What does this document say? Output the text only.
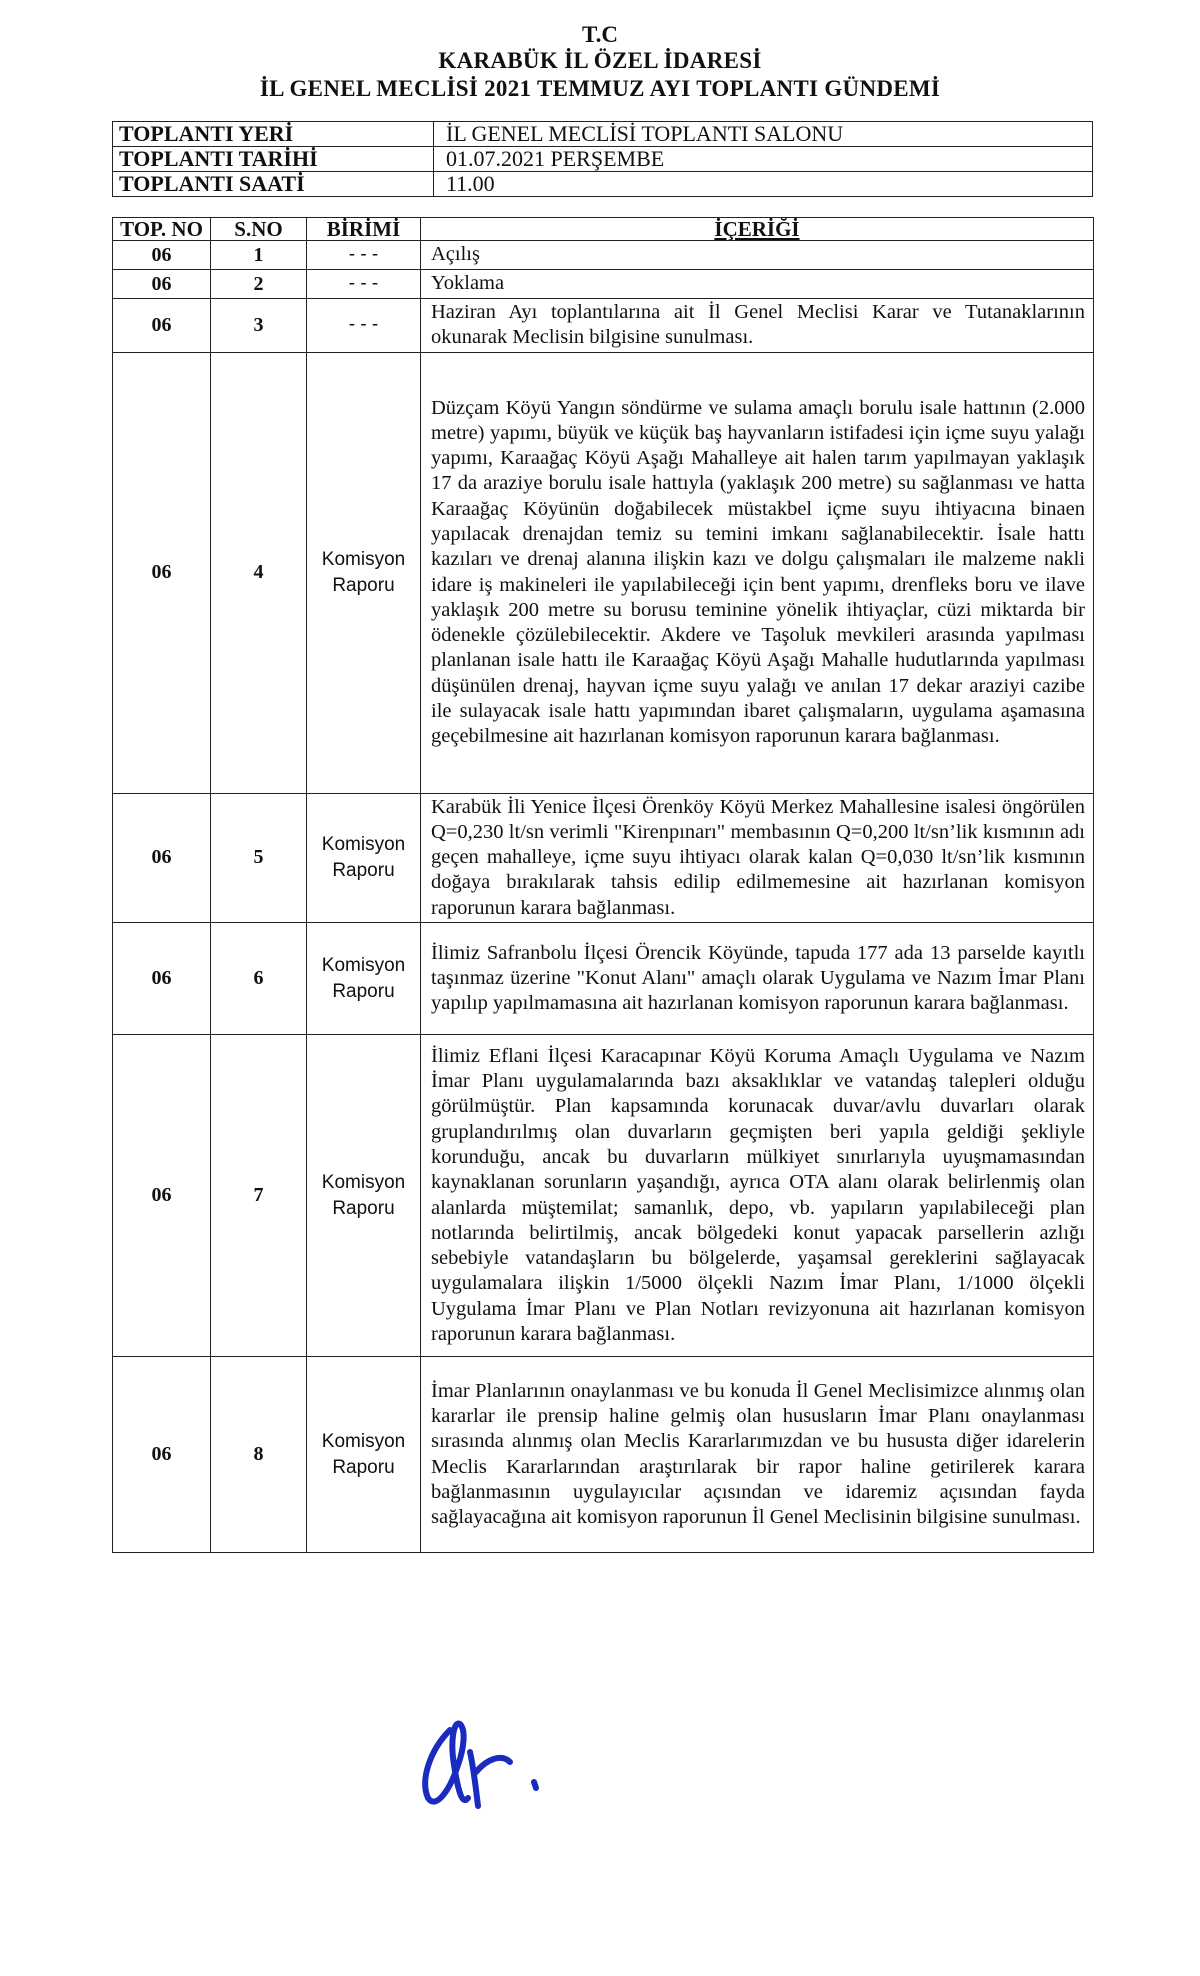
T.C
KARABÜK İL ÖZEL İDARESİ
İL GENEL MECLİSİ 2021 TEMMUZ AYI TOPLANTI GÜNDEMİ
TOPLANTI YERİ	İL GENEL MECLİSİ TOPLANTI SALONU
TOPLANTI TARİHİ	01.07.2021 PERŞEMBE
TOPLANTI SAATİ	11.00
TOP. NO	S.NO	BİRİMİ	İÇERİĞİ
06	1	- - -	Açılış
06	2	- - -	Yoklama
06	3	- - -	Haziran Ayı toplantılarına ait İl Genel Meclisi Karar ve Tutanaklarının okunarak Meclisin bilgisine sunulması.
06	4	Komisyon Raporu	Düzçam Köyü Yangın söndürme ve sulama amaçlı borulu isale hattının (2.000 metre) yapımı, büyük ve küçük baş hayvanların istifadesi için içme suyu yalağı yapımı, Karaağaç Köyü Aşağı Mahalleye ait halen tarım yapılmayan yaklaşık 17 da araziye borulu isale hattıyla (yaklaşık 200 metre) su sağlanması ve hatta Karaağaç Köyünün doğabilecek müstakbel içme suyu ihtiyacına binaen yapılacak drenajdan temiz su temini imkanı sağlanabilecektir. İsale hattı kazıları ve drenaj alanına ilişkin kazı ve dolgu çalışmaları ile malzeme nakli idare iş makineleri ile yapılabileceği için bent yapımı, drenfleks boru ve ilave yaklaşık 200 metre su borusu teminine yönelik ihtiyaçlar, cüzi miktarda bir ödenekle çözülebilecektir. Akdere ve Taşoluk mevkileri arasında yapılması planlanan isale hattı ile Karaağaç Köyü Aşağı Mahalle hudutlarında yapılması düşünülen drenaj, hayvan içme suyu yalağı ve anılan 17 dekar araziyi cazibe ile sulayacak isale hattı yapımından ibaret çalışmaların, uygulama aşamasına geçebilmesine ait hazırlanan komisyon raporunun karara bağlanması.
06	5	Komisyon Raporu	Karabük İli Yenice İlçesi Örenköy Köyü Merkez Mahallesine isalesi öngörülen Q=0,230 lt/sn verimli "Kirenpınarı" membasının Q=0,200 lt/sn’lik kısmının adı geçen mahalleye, içme suyu ihtiyacı olarak kalan Q=0,030 lt/sn’lik kısmının doğaya bırakılarak tahsis edilip edilmemesine ait hazırlanan komisyon raporunun karara bağlanması.
06	6	Komisyon Raporu	İlimiz Safranbolu İlçesi Örencik Köyünde, tapuda 177 ada 13 parselde kayıtlı taşınmaz üzerine "Konut Alanı" amaçlı olarak Uygulama ve Nazım İmar Planı yapılıp yapılmamasına ait hazırlanan komisyon raporunun karara bağlanması.
06	7	Komisyon Raporu	İlimiz Eflani İlçesi Karacapınar Köyü Koruma Amaçlı Uygulama ve Nazım İmar Planı uygulamalarında bazı aksaklıklar ve vatandaş talepleri olduğu görülmüştür. Plan kapsamında korunacak duvar/avlu duvarları olarak gruplandırılmış olan duvarların geçmişten beri yapıla geldiği şekliyle korunduğu, ancak bu duvarların mülkiyet sınırlarıyla uyuşmamasından kaynaklanan sorunların yaşandığı, ayrıca OTA alanı olarak belirlenmiş olan alanlarda müştemilat; samanlık, depo, vb. yapıların yapılabileceği plan notlarında belirtilmiş, ancak bölgedeki konut yapacak parsellerin azlığı sebebiyle vatandaşların bu bölgelerde, yaşamsal gereklerini sağlayacak uygulamalara ilişkin 1/5000 ölçekli Nazım İmar Planı, 1/1000 ölçekli Uygulama İmar Planı ve Plan Notları revizyonuna ait hazırlanan komisyon raporunun karara bağlanması.
06	8	Komisyon Raporu	İmar Planlarının onaylanması ve bu konuda İl Genel Meclisimizce alınmış olan kararlar ile prensip haline gelmiş olan hususların İmar Planı onaylanması sırasında alınmış olan Meclis Kararlarımızdan ve bu hususta diğer idarelerin Meclis Kararlarından araştırılarak bir rapor haline getirilerek karara bağlanmasının uygulayıcılar açısından ve idaremiz açısından fayda sağlayacağına ait komisyon raporunun İl Genel Meclisinin bilgisine sunulması.
